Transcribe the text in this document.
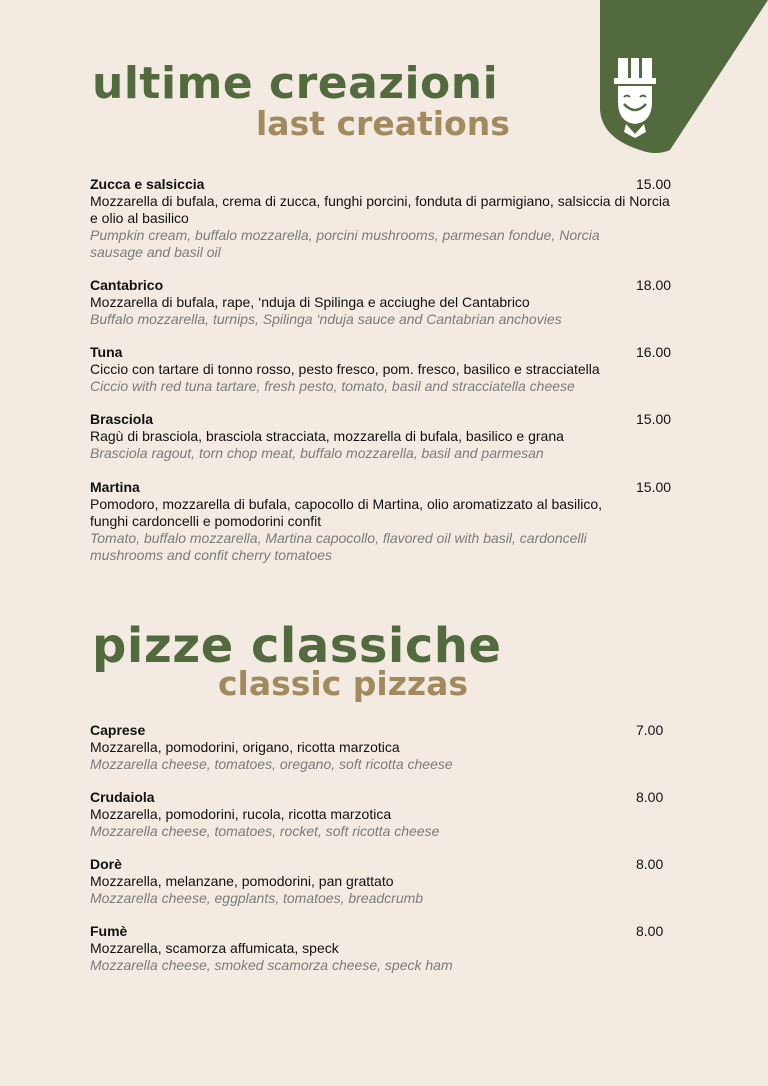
ultime creazioni
last creations
Zucca e salsiccia	15.00
Mozzarella di bufala, crema di zucca, funghi porcini, fonduta di parmigiano, salsiccia di Norcia e olio al basilico
Pumpkin cream, buffalo mozzarella, porcini mushrooms, parmesan fondue, Norcia sausage and basil oil
Cantabrico	18.00
Mozzarella di bufala, rape, ‘nduja di Spilinga e acciughe del Cantabrico
Buffalo mozzarella, turnips, Spilinga ‘nduja sauce and Cantabrian anchovies
Tuna	16.00
Ciccio con tartare di tonno rosso, pesto fresco, pom. fresco, basilico e stracciatella
Ciccio with red tuna tartare, fresh pesto, tomato, basil and stracciatella cheese
Brasciola	15.00
Ragù di brasciola, brasciola stracciata, mozzarella di bufala, basilico e grana
Brasciola ragout, torn chop meat, buffalo mozzarella, basil and parmesan
Martina	15.00
Pomodoro, mozzarella di bufala, capocollo di Martina, olio aromatizzato al basilico, funghi cardoncelli e pomodorini confit
Tomato, buffalo mozzarella, Martina capocollo, flavored oil with basil, cardoncelli mushrooms and confit cherry tomatoes
pizze classiche
classic pizzas
Caprese	7.00
Mozzarella, pomodorini, origano, ricotta marzotica
Mozzarella cheese, tomatoes, oregano, soft ricotta cheese
Crudaiola	8.00
Mozzarella, pomodorini, rucola, ricotta marzotica
Mozzarella cheese, tomatoes, rocket, soft ricotta cheese
Dorè	8.00
Mozzarella, melanzane, pomodorini, pan grattato
Mozzarella cheese, eggplants, tomatoes, breadcrumb
Fumè	8.00
Mozzarella, scamorza affumicata, speck
Mozzarella cheese, smoked scamorza cheese, speck ham
